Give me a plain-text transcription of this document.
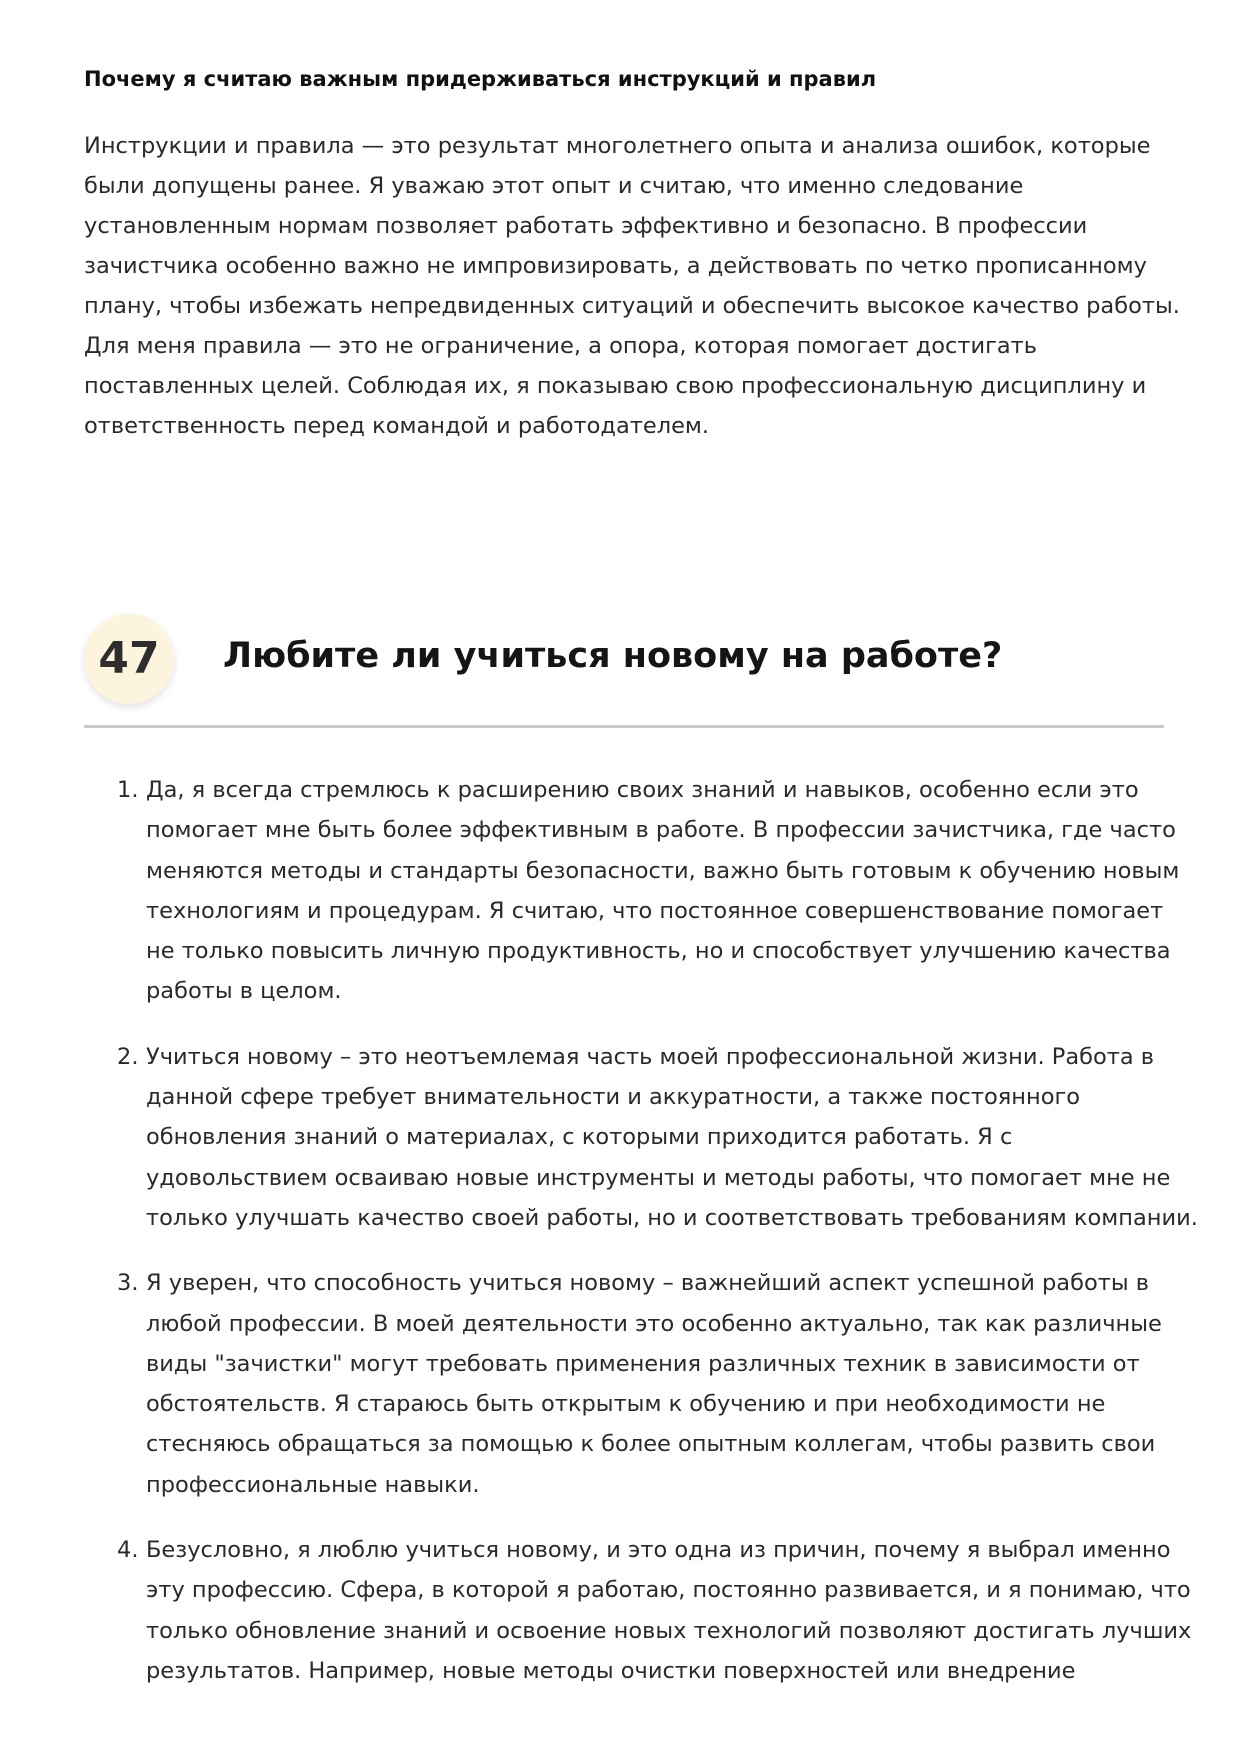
Почему я считаю важным придерживаться инструкций и правил

Инструкции и правила — это результат многолетнего опыта и анализа ошибок, которые
были допущены ранее. Я уважаю этот опыт и считаю, что именно следование
установленным нормам позволяет работать эффективно и безопасно. В профессии
зачистчика особенно важно не импровизировать, а действовать по четко прописанному
плану, чтобы избежать непредвиденных ситуаций и обеспечить высокое качество работы.
Для меня правила — это не ограничение, а опора, которая помогает достигать
поставленных целей. Соблюдая их, я показываю свою профессиональную дисциплину и
ответственность перед командой и работодателем.

47 Любите ли учиться новому на работе?
1. Да, я всегда стремлюсь к расширению своих знаний и навыков, особенно если это
помогает мне быть более эффективным в работе. В профессии зачистчика, где часто
меняются методы и стандарты безопасности, важно быть готовым к обучению новым
технологиям и процедурам. Я считаю, что постоянное совершенствование помогает
не только повысить личную продуктивность, но и способствует улучшению качества
работы в целом.
2. Учиться новому – это неотъемлемая часть моей профессиональной жизни. Работа в
данной сфере требует внимательности и аккуратности, а также постоянного
обновления знаний о материалах, с которыми приходится работать. Я с
удовольствием осваиваю новые инструменты и методы работы, что помогает мне не
только улучшать качество своей работы, но и соответствовать требованиям компании.
3. Я уверен, что способность учиться новому – важнейший аспект успешной работы в
любой профессии. В моей деятельности это особенно актуально, так как различные
виды "зачистки" могут требовать применения различных техник в зависимости от
обстоятельств. Я стараюсь быть открытым к обучению и при необходимости не
стесняюсь обращаться за помощью к более опытным коллегам, чтобы развить свои
профессиональные навыки.
4. Безусловно, я люблю учиться новому, и это одна из причин, почему я выбрал именно
эту профессию. Сфера, в которой я работаю, постоянно развивается, и я понимаю, что
только обновление знаний и освоение новых технологий позволяют достигать лучших
результатов. Например, новые методы очистки поверхностей или внедрение
